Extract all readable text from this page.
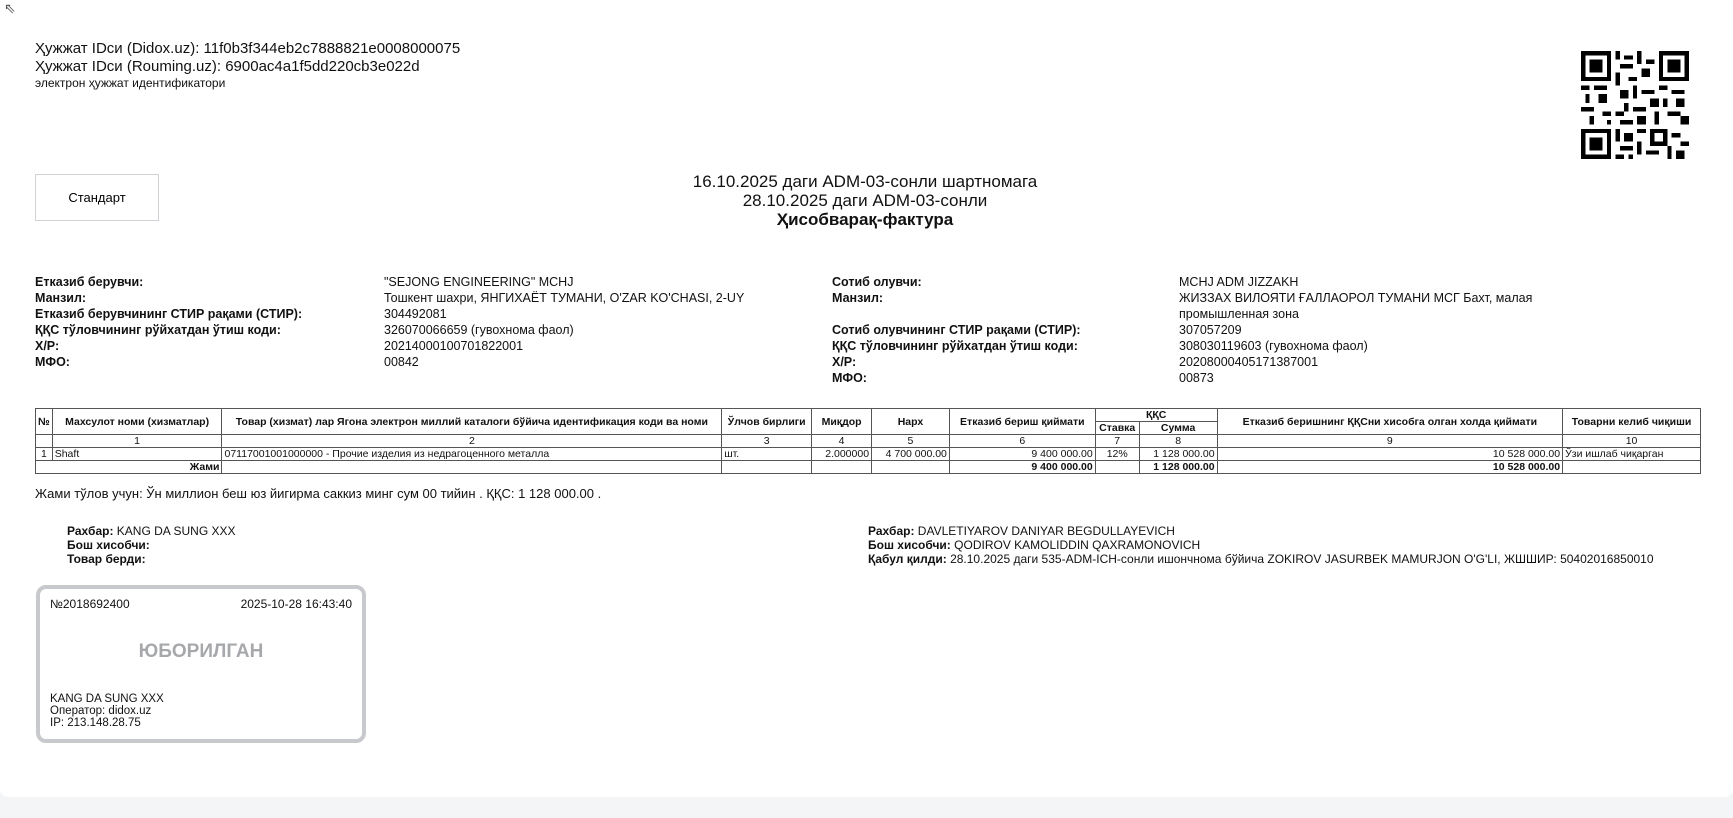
⇖
Ҳужжат IDси (Didox.uz): 11f0b3f344eb2c7888821e0008000075
Ҳужжат IDси (Rouming.uz): 6900ac4a1f5dd220cb3e022d
электрон ҳужжат идентификатори
Стандарт
16.10.2025 даги ADM-03-сонли шартномага
28.10.2025 даги ADM-03-сонли
Ҳисобварақ-фактура
Етказиб берувчи:	"SEJONG ENGINEERING" MCHJ
Манзил:	Тошкент шахри, ЯНГИХАЁТ ТУМАНИ, O'ZAR KO'CHASI, 2-UY
Етказиб берувчининг СТИР рақами (СТИР):	304492081
ҚҚС тўловчининг рўйхатдан ўтиш коди:	326070066659 (гувохнома фаол)
Х/Р:	20214000100701822001
МФО:	00842
Сотиб олувчи:	MCHJ ADM JIZZAKH
Манзил:	ЖИЗЗАХ ВИЛОЯТИ ҒАЛЛАОРОЛ ТУМАНИ МСГ Бахт, малая промышленная зона
Сотиб олувчининг СТИР рақами (СТИР):	307057209
ҚҚС тўловчининг рўйхатдан ўтиш коди:	308030119603 (гувохнома фаол)
Х/Р:	20208000405171387001
МФО:	00873
№	Махсулот номи (хизматлар)	Товар (хизмат) лар Ягона электрон миллий каталоги бўйича идентификация коди ва номи	Ўлчов бирлиги	Миқдор	Нарх	Етказиб бериш қиймати	ҚҚС		Етказиб беришнинг ҚҚСни хисобга олган холда қиймати	Товарни келиб чиқиши
							Ставка	Сумма		
	1	2	3	4	5	6	7	8	9	10
1	Shaft	07117001001000000 - Прочие изделия из недрагоценного металла	шт.	2.000000	4 700 000.00	9 400 000.00	12%	1 128 000.00	10 528 000.00	Ўзи ишлаб чиқарган
Жами						9 400 000.00		1 128 000.00	10 528 000.00	
Жами тўлов учун: Ўн миллион беш юз йигирма саккиз минг сум 00 тийин . ҚҚС: 1 128 000.00 .
Рахбар: KANG DA SUNG XXX
Бош хисобчи:
Товар берди:
Рахбар: DAVLETIYAROV DANIYAR BEGDULLAYEVICH
Бош хисобчи: QODIROV KAMOLIDDIN QAXRAMONOVICH
Қабул қилди: 28.10.2025 даги 535-ADM-ICH-сонли ишончнома бўйича ZOKIROV JASURBEK MAMURJON O'G'LI, ЖШШИР: 50402016850010
№2018692400	2025-10-28 16:43:40
ЮБОРИЛГАН
KANG DA SUNG XXX
Оператор: didox.uz
IP: 213.148.28.75
